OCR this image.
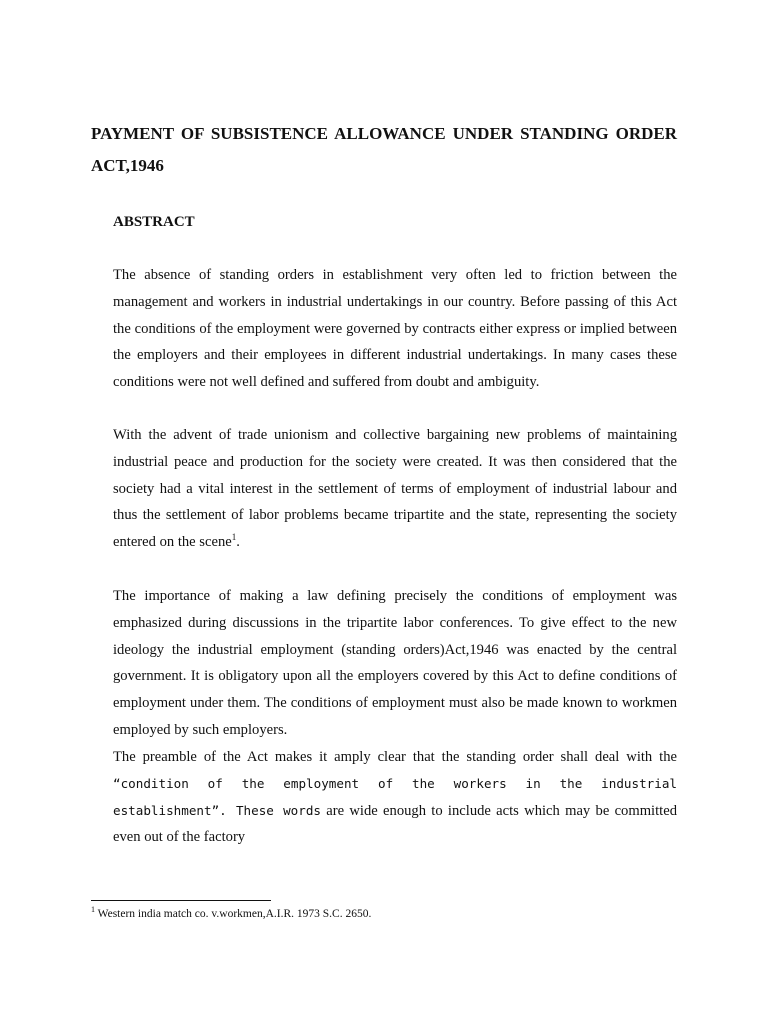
PAYMENT OF SUBSISTENCE ALLOWANCE UNDER STANDING ORDER ACT,1946
ABSTRACT

The absence of standing orders in establishment very often led to friction between the management and workers in industrial undertakings in our country. Before passing of this Act the conditions of the employment were governed by contracts either express or implied between the employers and their employees in different industrial undertakings. In many cases these conditions were not well defined and suffered from doubt and ambiguity.

With the advent of trade unionism and collective bargaining new problems of maintaining industrial peace and production for the society were created. It was then considered that the society had a vital interest in the settlement of terms of employment of industrial labour and thus the settlement of labor problems became tripartite and the state, representing the society entered on the scene$^1$.

The importance of making a law defining precisely the conditions of employment was emphasized during discussions in the tripartite labor conferences. To give effect to the new ideology the industrial employment (standing orders)Act,1946 was enacted by the central government. It is obligatory upon all the employers covered by this Act to define conditions of employment under them. The conditions of employment must also be made known to workmen employed by such employers.

The preamble of the Act makes it amply clear that the standing order shall deal with the “condition of the employment of the workers in the industrial establishment”. These words are wide enough to include acts which may be committed even out of the factory

$^1$ Western india match co. v.workmen,A.I.R. 1973 S.C. 2650.
